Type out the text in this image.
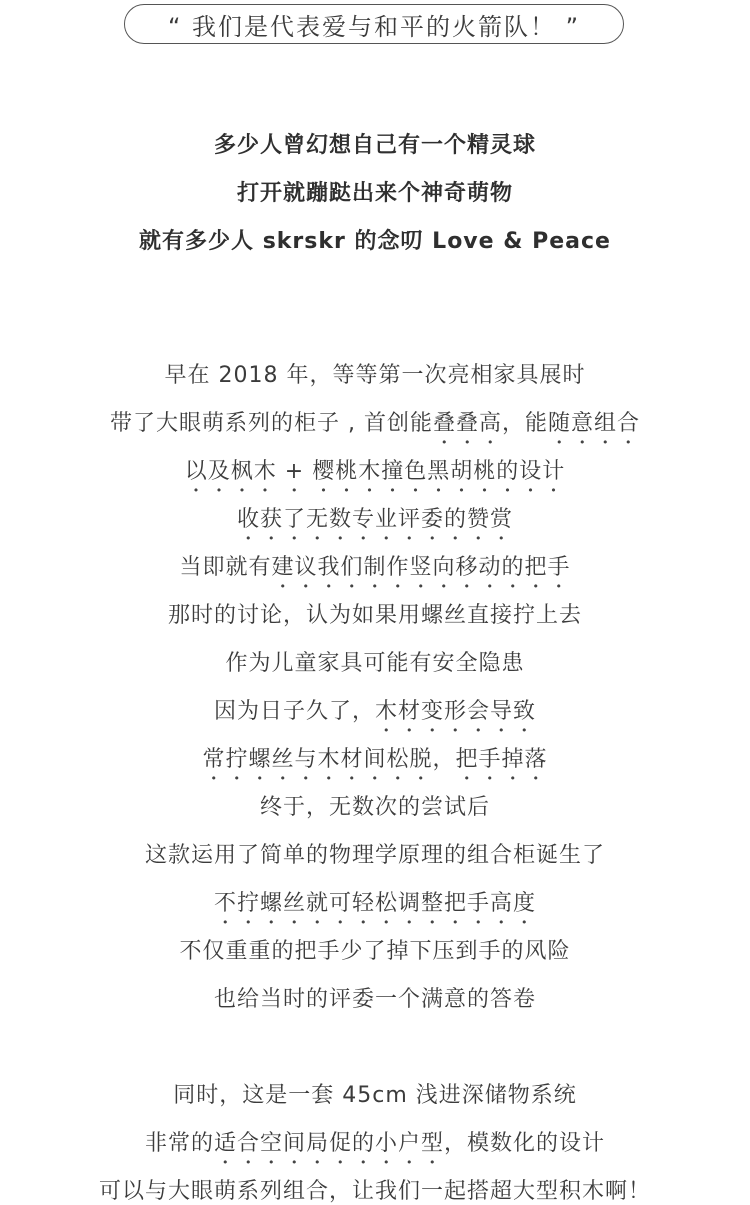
“ 我们是代表爱与和平的火箭队！ ”
多少人曾幻想自己有一个精灵球
打开就蹦跶出来个神奇萌物
就有多少人 skrskr 的念叨 Love & Peace
早在 2018 年，等等第一次亮相家具展时
带了大眼萌系列的柜子 , 首创能叠叠高，能随意组合
以及枫木 + 樱桃木撞色黑胡桃的设计
收获了无数专业评委的赞赏
当即就有建议我们制作竖向移动的把手
那时的讨论，认为如果用螺丝直接拧上去
作为儿童家具可能有安全隐患
因为日子久了，木材变形会导致
常拧螺丝与木材间松脱，把手掉落
终于，无数次的尝试后
这款运用了简单的物理学原理的组合柜诞生了
不拧螺丝就可轻松调整把手高度
不仅重重的把手少了掉下压到手的风险
也给当时的评委一个满意的答卷
同时，这是一套 45cm 浅进深储物系统
非常的适合空间局促的小户型，模数化的设计
可以与大眼萌系列组合，让我们一起搭超大型积木啊！
